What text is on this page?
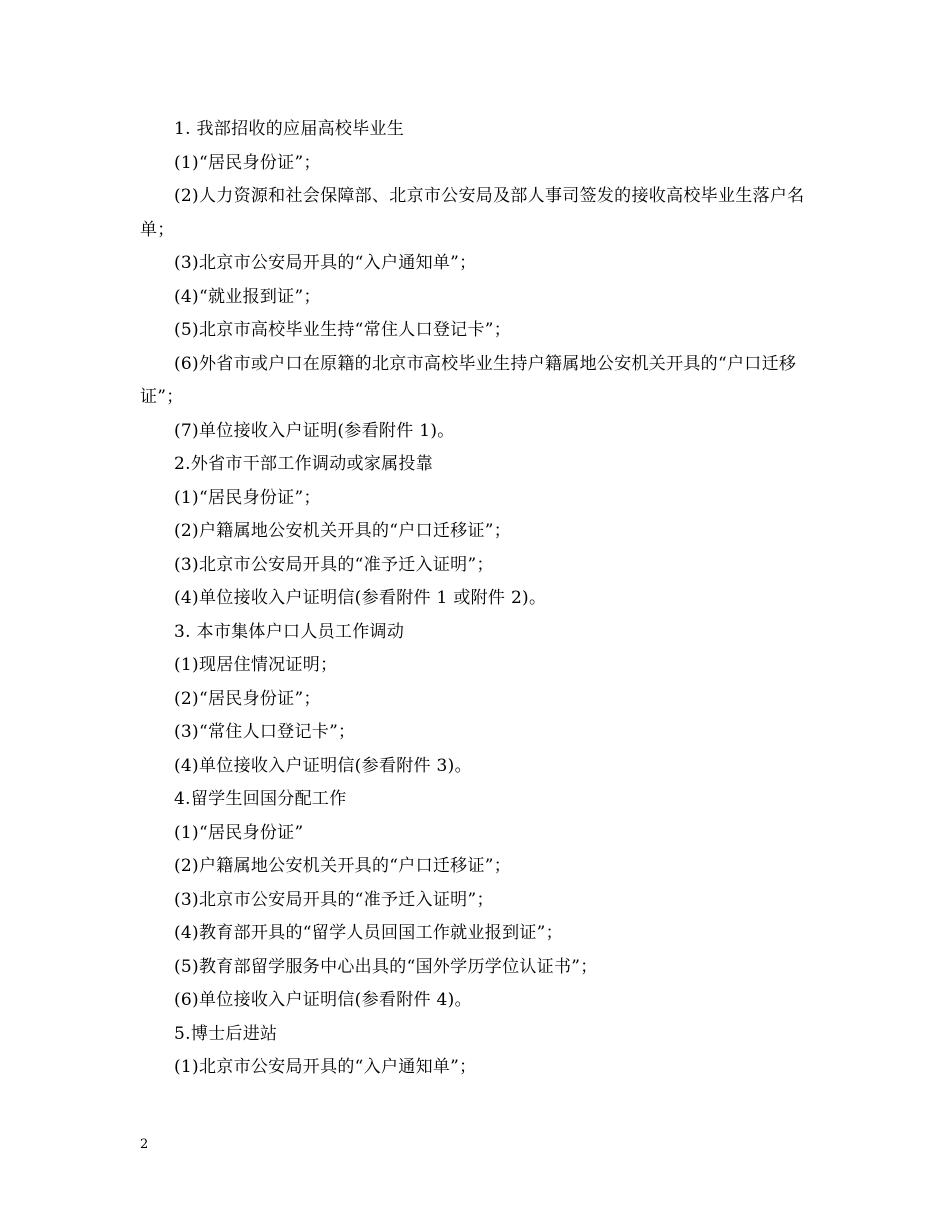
1. 我部招收的应届高校毕业生

(1)“居民身份证”；

(2)人力资源和社会保障部、北京市公安局及部人事司签发的接收高校毕业生落户名单；

(3)北京市公安局开具的“入户通知单”；

(4)“就业报到证”；

(5)北京市高校毕业生持“常住人口登记卡”；

(6)外省市或户口在原籍的北京市高校毕业生持户籍属地公安机关开具的“户口迁移证”；

(7)单位接收入户证明(参看附件 1)。

2.外省市干部工作调动或家属投靠

(1)“居民身份证”；

(2)户籍属地公安机关开具的“户口迁移证”；

(3)北京市公安局开具的“准予迁入证明”；

(4)单位接收入户证明信(参看附件 1 或附件 2)。

3. 本市集体户口人员工作调动

(1)现居住情况证明；

(2)“居民身份证”；

(3)“常住人口登记卡”；

(4)单位接收入户证明信(参看附件 3)。

4.留学生回国分配工作

(1)“居民身份证”

(2)户籍属地公安机关开具的“户口迁移证”；

(3)北京市公安局开具的“准予迁入证明”；

(4)教育部开具的“留学人员回国工作就业报到证”；

(5)教育部留学服务中心出具的“国外学历学位认证书”；

(6)单位接收入户证明信(参看附件 4)。

5.博士后进站

(1)北京市公安局开具的“入户通知单”；

2
